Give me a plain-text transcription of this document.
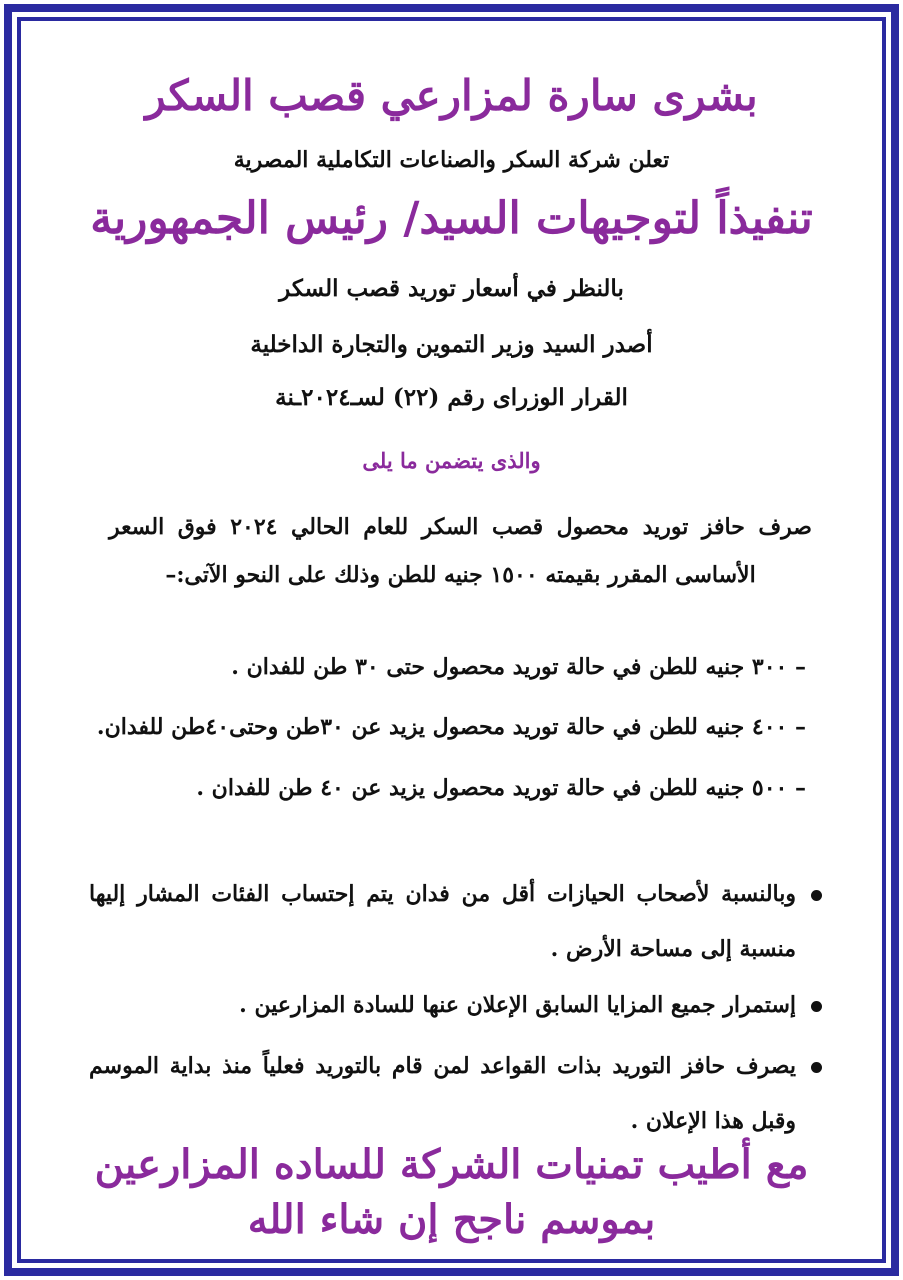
بشرى سارة لمزارعي قصب السكر
تعلن شركة السكر والصناعات التكاملية المصرية
تنفيذاً لتوجيهات السيد/ رئيس الجمهورية
بالنظر في أسعار توريد قصب السكر
أصدر السيد وزير التموين والتجارة الداخلية
القرار الوزراى رقم (٢٢) لسـ٢٠٢٤ـنة
والذى يتضمن ما يلى
صرف حافز توريد محصول قصب السكر للعام الحالي ٢٠٢٤ فوق السعر الأساسى المقرر بقيمته ١٥٠٠ جنيه للطن وذلك على النحو الآتى:–
– ٣٠٠ جنيه للطن في حالة توريد محصول حتى ٣٠ طن للفدان .
– ٤٠٠ جنيه للطن في حالة توريد محصول يزيد عن ٣٠طن وحتى٤٠طن للفدان.
– ٥٠٠ جنيه للطن في حالة توريد محصول يزيد عن ٤٠ طن للفدان .
وبالنسبة لأصحاب الحيازات أقل من فدان يتم إحتساب الفئات المشار إليها منسبة إلى مساحة الأرض .
إستمرار جميع المزايا السابق الإعلان عنها للسادة المزارعين .
يصرف حافز التوريد بذات القواعد لمن قام بالتوريد فعلياً منذ بداية الموسم وقبل هذا الإعلان .
مع أطيب تمنيات الشركة للساده المزارعين
بموسم ناجح إن شاء الله
